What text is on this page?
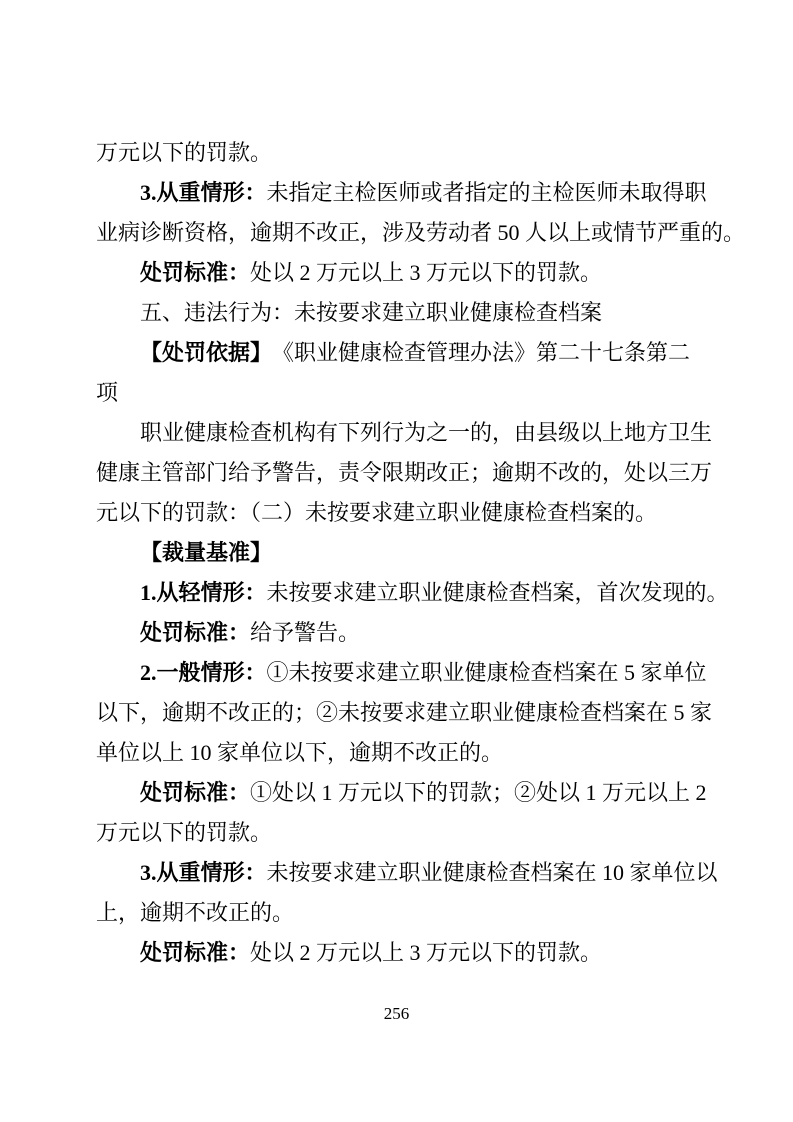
万元以下的罚款。

3.从重情形：未指定主检医师或者指定的主检医师未取得职

业病诊断资格，逾期不改正，涉及劳动者 50 人以上或情节严重的。

处罚标准：处以 2 万元以上 3 万元以下的罚款。

五、违法行为：未按要求建立职业健康检查档案

【处罚依据】　《职业健康检查管理办法》第二十七条第二

项

职业健康检查机构有下列行为之一的，由县级以上地方卫生

健康主管部门给予警告，责令限期改正；逾期不改的，处以三万

元以下的罚款：（二）未按要求建立职业健康检查档案的。

【裁量基准】

1.从轻情形：未按要求建立职业健康检查档案，首次发现的。

处罚标准：给予警告。

2.一般情形：①未按要求建立职业健康检查档案在 5 家单位

以下，逾期不改正的；②未按要求建立职业健康检查档案在 5 家

单位以上 10 家单位以下，逾期不改正的。

处罚标准：①处以 1 万元以下的罚款；②处以 1 万元以上 2

万元以下的罚款。

3.从重情形：未按要求建立职业健康检查档案在 10 家单位以

上，逾期不改正的。

处罚标准：处以 2 万元以上 3 万元以下的罚款。

256
